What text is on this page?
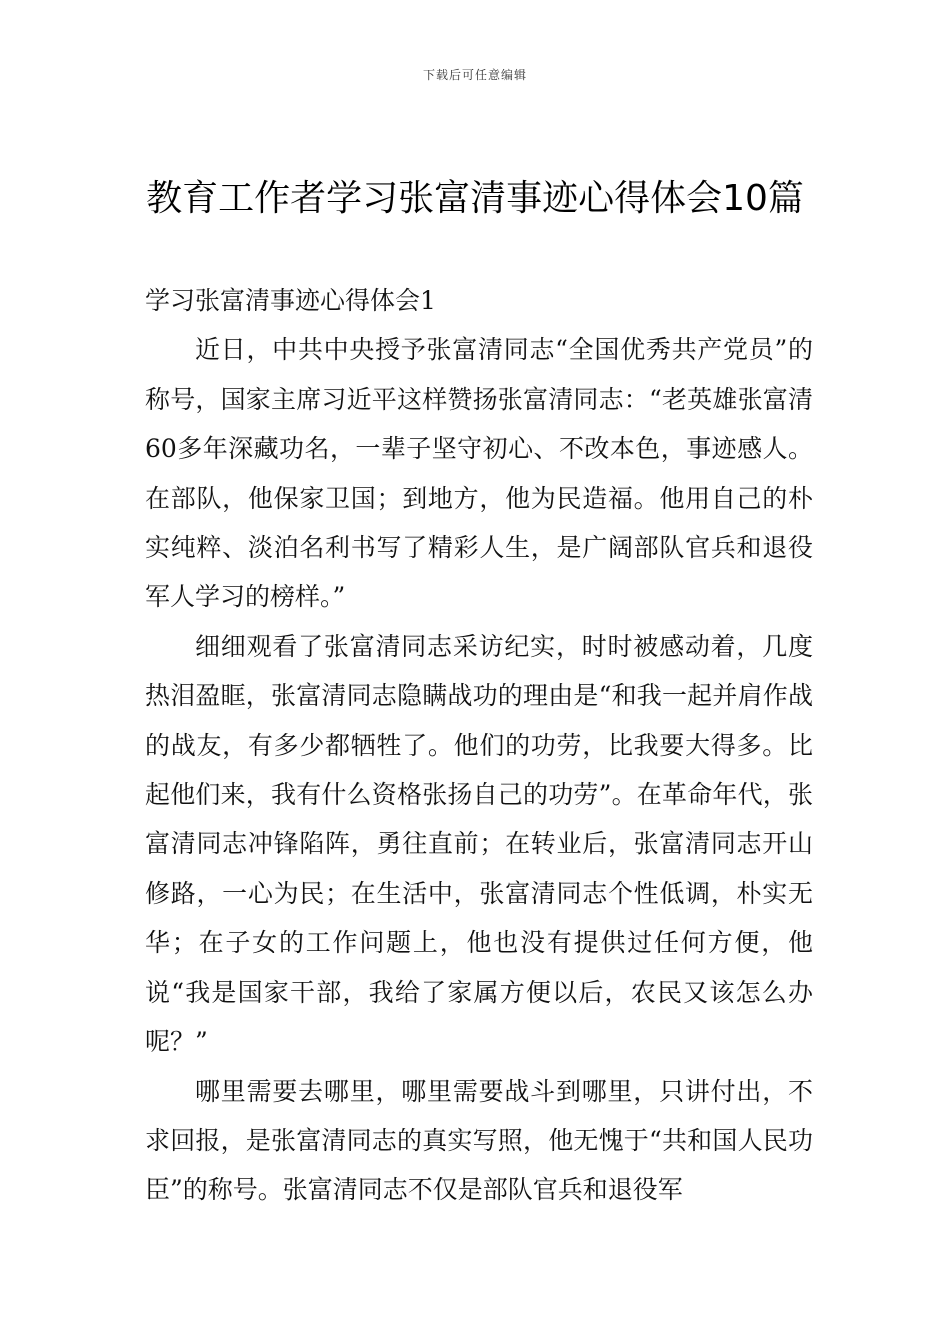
下载后可任意编辑
教育工作者学习张富清事迹心得体会10篇

学习张富清事迹心得体会1

近日，中共中央授予张富清同志“全国优秀共产党员”的称号，国家主席习近平这样赞扬张富清同志：“老英雄张富清60多年深藏功名，一辈子坚守初心、不改本色，事迹感人。在部队，他保家卫国；到地方，他为民造福。他用自己的朴实纯粹、淡泊名利书写了精彩人生，是广阔部队官兵和退役军人学习的榜样。”

细细观看了张富清同志采访纪实，时时被感动着，几度热泪盈眶，张富清同志隐瞒战功的理由是“和我一起并肩作战的战友，有多少都牺牲了。他们的功劳，比我要大得多。比起他们来，我有什么资格张扬自己的功劳”。在革命年代，张富清同志冲锋陷阵，勇往直前；在转业后，张富清同志开山修路，一心为民；在生活中，张富清同志个性低调，朴实无华；在子女的工作问题上，他也没有提供过任何方便，他说“我是国家干部，我给了家属方便以后，农民又该怎么办呢？”

哪里需要去哪里，哪里需要战斗到哪里，只讲付出，不求回报，是张富清同志的真实写照，他无愧于“共和国人民功臣”的称号。张富清同志不仅是部队官兵和退役军
